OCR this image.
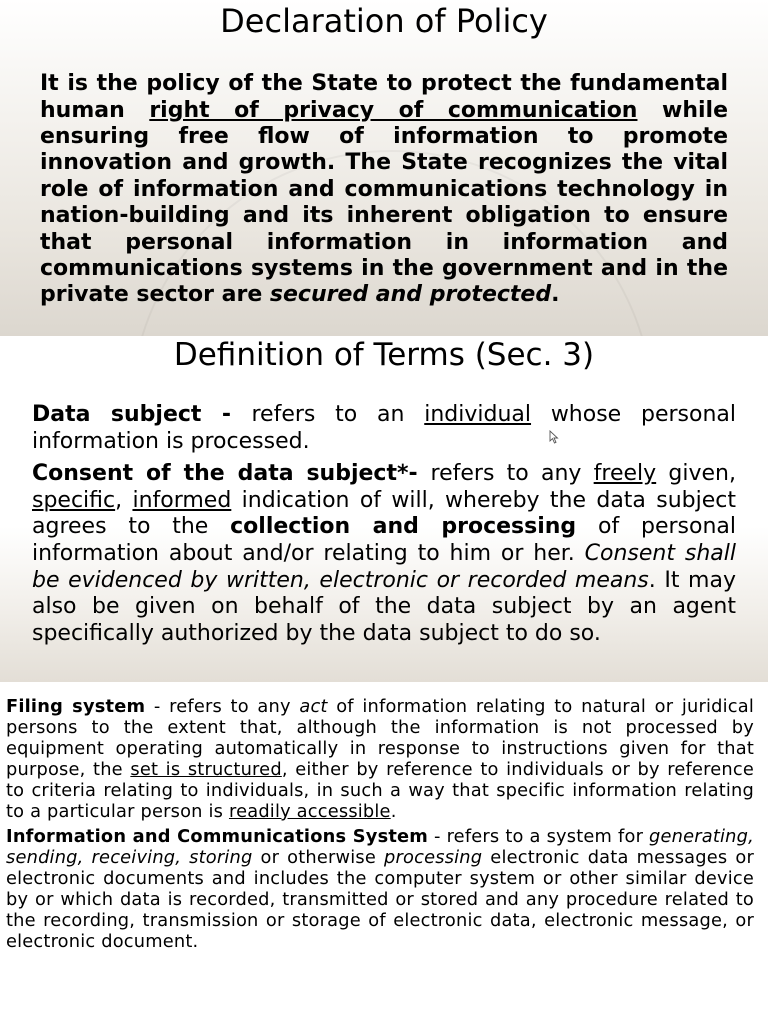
Declaration of Policy

It is the policy of the State to protect the fundamental human right of privacy of communication while ensuring free flow of information to promote innovation and growth. The State recognizes the vital role of information and communications technology in nation-building and its inherent obligation to ensure that personal information in information and communications systems in the government and in the private sector are secured and protected.

Definition of Terms (Sec. 3)

Data subject - refers to an individual whose personal information is processed.

Consent of the data subject*- refers to any freely given, specific, informed indication of will, whereby the data subject agrees to the collection and processing of personal information about and/or relating to him or her. Consent shall be evidenced by written, electronic or recorded means. It may also be given on behalf of the data subject by an agent specifically authorized by the data subject to do so.

Filing system - refers to any act of information relating to natural or juridical persons to the extent that, although the information is not processed by equipment operating automatically in response to instructions given for that purpose, the set is structured, either by reference to individuals or by reference to criteria relating to individuals, in such a way that specific information relating to a particular person is readily accessible.

Information and Communications System - refers to a system for generating, sending, receiving, storing or otherwise processing electronic data messages or electronic documents and includes the computer system or other similar device by or which data is recorded, transmitted or stored and any procedure related to the recording, transmission or storage of electronic data, electronic message, or electronic document.
